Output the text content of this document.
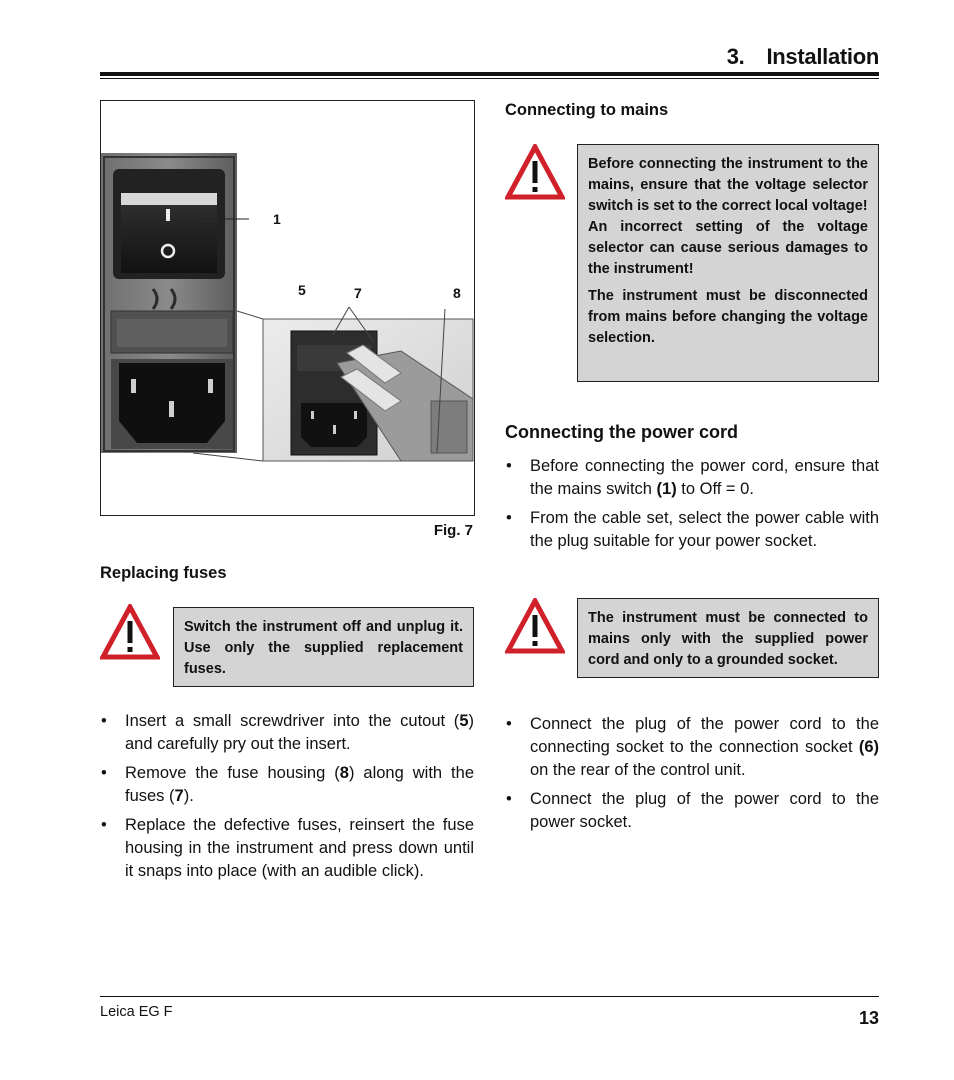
3. Installation
1
5	7	8
Fig. 7
Replacing fuses

Switch the instrument off and unplug it. Use only the supplied replacement fuses.

• Insert a small screwdriver into the cutout (5) and carefully pry out the insert.
• Remove the fuse housing (8) along with the fuses (7).
• Replace the defective fuses, reinsert the fuse housing in the instrument and press down until it snaps into place (with an audible click).
Connecting to mains

Before connecting the instrument to the mains, ensure that the voltage selector switch is set to the correct local voltage!

An incorrect setting of the voltage selector can cause serious damages to the instrument!

The instrument must be disconnected from mains before changing the voltage selection.

Connecting the power cord
• Before connecting the power cord, ensure that the mains switch (1) to Off = 0.
• From the cable set, select the power cable with the plug suitable for your power socket.

The instrument must be connected to mains only with the supplied power cord and only to a grounded socket.

• Connect the plug of the power cord to the connecting socket to the connection socket (6) on the rear of the control unit.
• Connect the plug of the power cord to the power socket.
Leica EG F	13
